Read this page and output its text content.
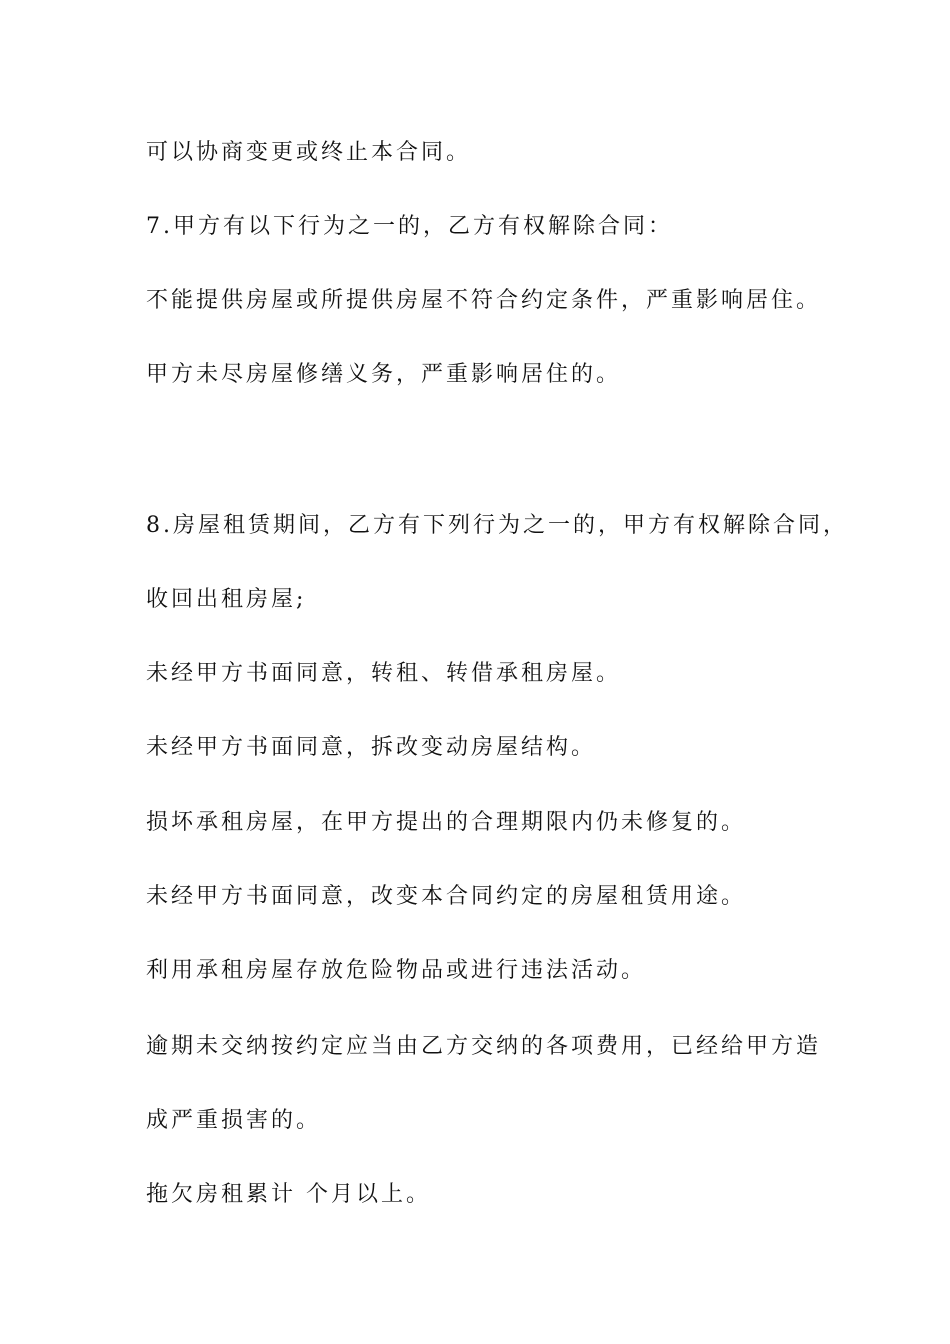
可以协商变更或终止本合同。
7.甲方有以下行为之一的，乙方有权解除合同：
不能提供房屋或所提供房屋不符合约定条件，严重影响居住。
甲方未尽房屋修缮义务，严重影响居住的。
8.房屋租赁期间，乙方有下列行为之一的，甲方有权解除合同，
收回出租房屋;
未经甲方书面同意，转租、转借承租房屋。
未经甲方书面同意，拆改变动房屋结构。
损坏承租房屋，在甲方提出的合理期限内仍未修复的。
未经甲方书面同意，改变本合同约定的房屋租赁用途。
利用承租房屋存放危险物品或进行违法活动。
逾期未交纳按约定应当由乙方交纳的各项费用，已经给甲方造
成严重损害的。
拖欠房租累计 个月以上。
